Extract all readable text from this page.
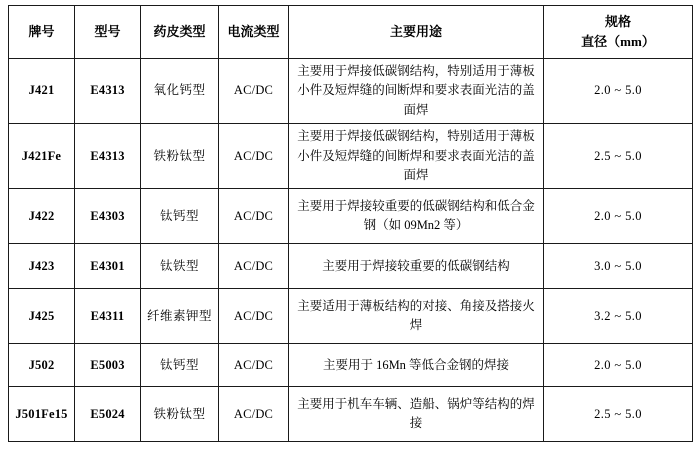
牌号	型号	药皮类型	电流类型	主要用途	规格
直径（mm）

J421	E4313	氧化钙型	AC/DC	主要用于焊接低碳钢结构，特别适用于薄板小件及短焊缝的间断焊和要求表面光洁的盖面焊	2.0 ~ 5.0
J421Fe	E4313	铁粉钛型	AC/DC	主要用于焊接低碳钢结构，特别适用于薄板小件及短焊缝的间断焊和要求表面光洁的盖面焊	2.5 ~ 5.0
J422	E4303	钛钙型	AC/DC	主要用于焊接较重要的低碳钢结构和低合金钢（如 09Mn2 等）	2.0 ~ 5.0
J423	E4301	钛铁型	AC/DC	主要用于焊接较重要的低碳钢结构	3.0 ~ 5.0
J425	E4311	纤维素钾型	AC/DC	主要适用于薄板结构的对接、角接及搭接火焊	3.2 ~ 5.0
J502	E5003	钛钙型	AC/DC	主要用于 16Mn 等低合金钢的焊接	2.0 ~ 5.0
J501Fe15	E5024	铁粉钛型	AC/DC	主要用于机车车辆、造船、锅炉等结构的焊接	2.5 ~ 5.0
